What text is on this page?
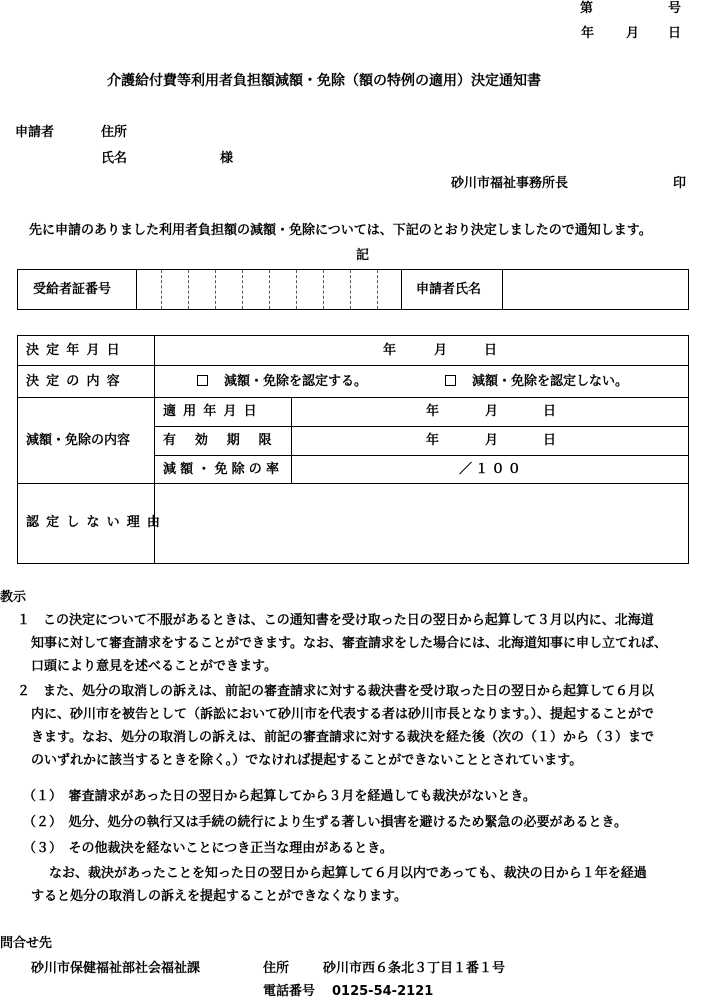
第	号
年 月 日
介護給付費等利用者負担額減額・免除（額の特例の適用）決定通知書
申請者	住所
氏名	様
砂川市福祉事務所長	印
先に申請のありました利用者負担額の減額・免除については、下記のとおり決定しましたので通知します。
記
受給者証番号	申請者氏名
決定年月日	年	月	日
決定の内容	減額・免除を認定する。	減額・免除を認定しない。
減額・免除の内容
適用年月日	年	月	日
有効期限	年	月	日
減額・免除の率	／１００
認定しない理由
教示
１　この決定について不服があるときは、この通知書を受け取った日の翌日から起算して３月以内に、北海道
知事に対して審査請求をすることができます。なお、審査請求をした場合には、北海道知事に申し立てれば、
口頭により意見を述べることができます。
２　また、処分の取消しの訴えは、前記の審査請求に対する裁決書を受け取った日の翌日から起算して６月以
内に、砂川市を被告として（訴訟において砂川市を代表する者は砂川市長となります。）、提起することがで
きます。なお、処分の取消しの訴えは、前記の審査請求に対する裁決を経た後（次の（１）から（３）まで
のいずれかに該当するときを除く。）でなければ提起することができないこととされています。
（１）　審査請求があった日の翌日から起算してから３月を経過しても裁決がないとき。
（２）　処分、処分の執行又は手続の続行により生ずる著しい損害を避けるため緊急の必要があるとき。
（３）　その他裁決を経ないことにつき正当な理由があるとき。
なお、裁決があったことを知った日の翌日から起算して６月以内であっても、裁決の日から１年を経過
すると処分の取消しの訴えを提起することができなくなります。
問合せ先
砂川市保健福祉部社会福祉課	住所	砂川市西６条北３丁目１番１号
電話番号 0125-54-2121
